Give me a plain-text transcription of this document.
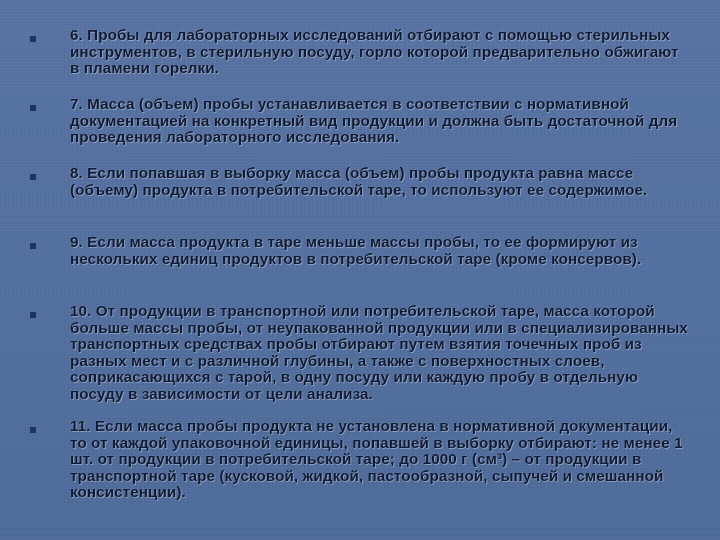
6. Пробы для лабораторных исследований отбирают с помощью стерильных инструментов, в стерильную посуду, горло которой предварительно обжигают в пламени горелки.
7. Масса (объем) пробы устанавливается в соответствии с нормативной документацией на конкретный вид продукции и должна быть достаточной для проведения лабораторного исследования.
8. Если попавшая в выборку масса (объем) пробы продукта равна массе (объему) продукта в потребительской таре, то используют ее содержимое.
9. Если масса продукта в таре меньше массы пробы, то ее формируют из нескольких единиц продуктов в потребительской таре (кроме консервов).
10. От продукции в транспортной или потребительской таре, масса которой больше массы пробы, от неупакованной продукции или в специализированных транспортных средствах пробы отбирают путем взятия точечных проб из разных мест и с различной глубины, а также с поверхностных слоев, соприкасающихся с тарой, в одну посуду или каждую пробу в отдельную посуду в зависимости от цели анализа.
11. Если масса пробы продукта не установлена в нормативной документации, то от каждой упаковочной единицы, попавшей в выборку отбирают: не менее 1 шт. от продукции в потребительской таре; до 1000 г (см³) – от продукции в транспортной таре (кусковой, жидкой, пастообразной, сыпучей и смешанной консистенции).
